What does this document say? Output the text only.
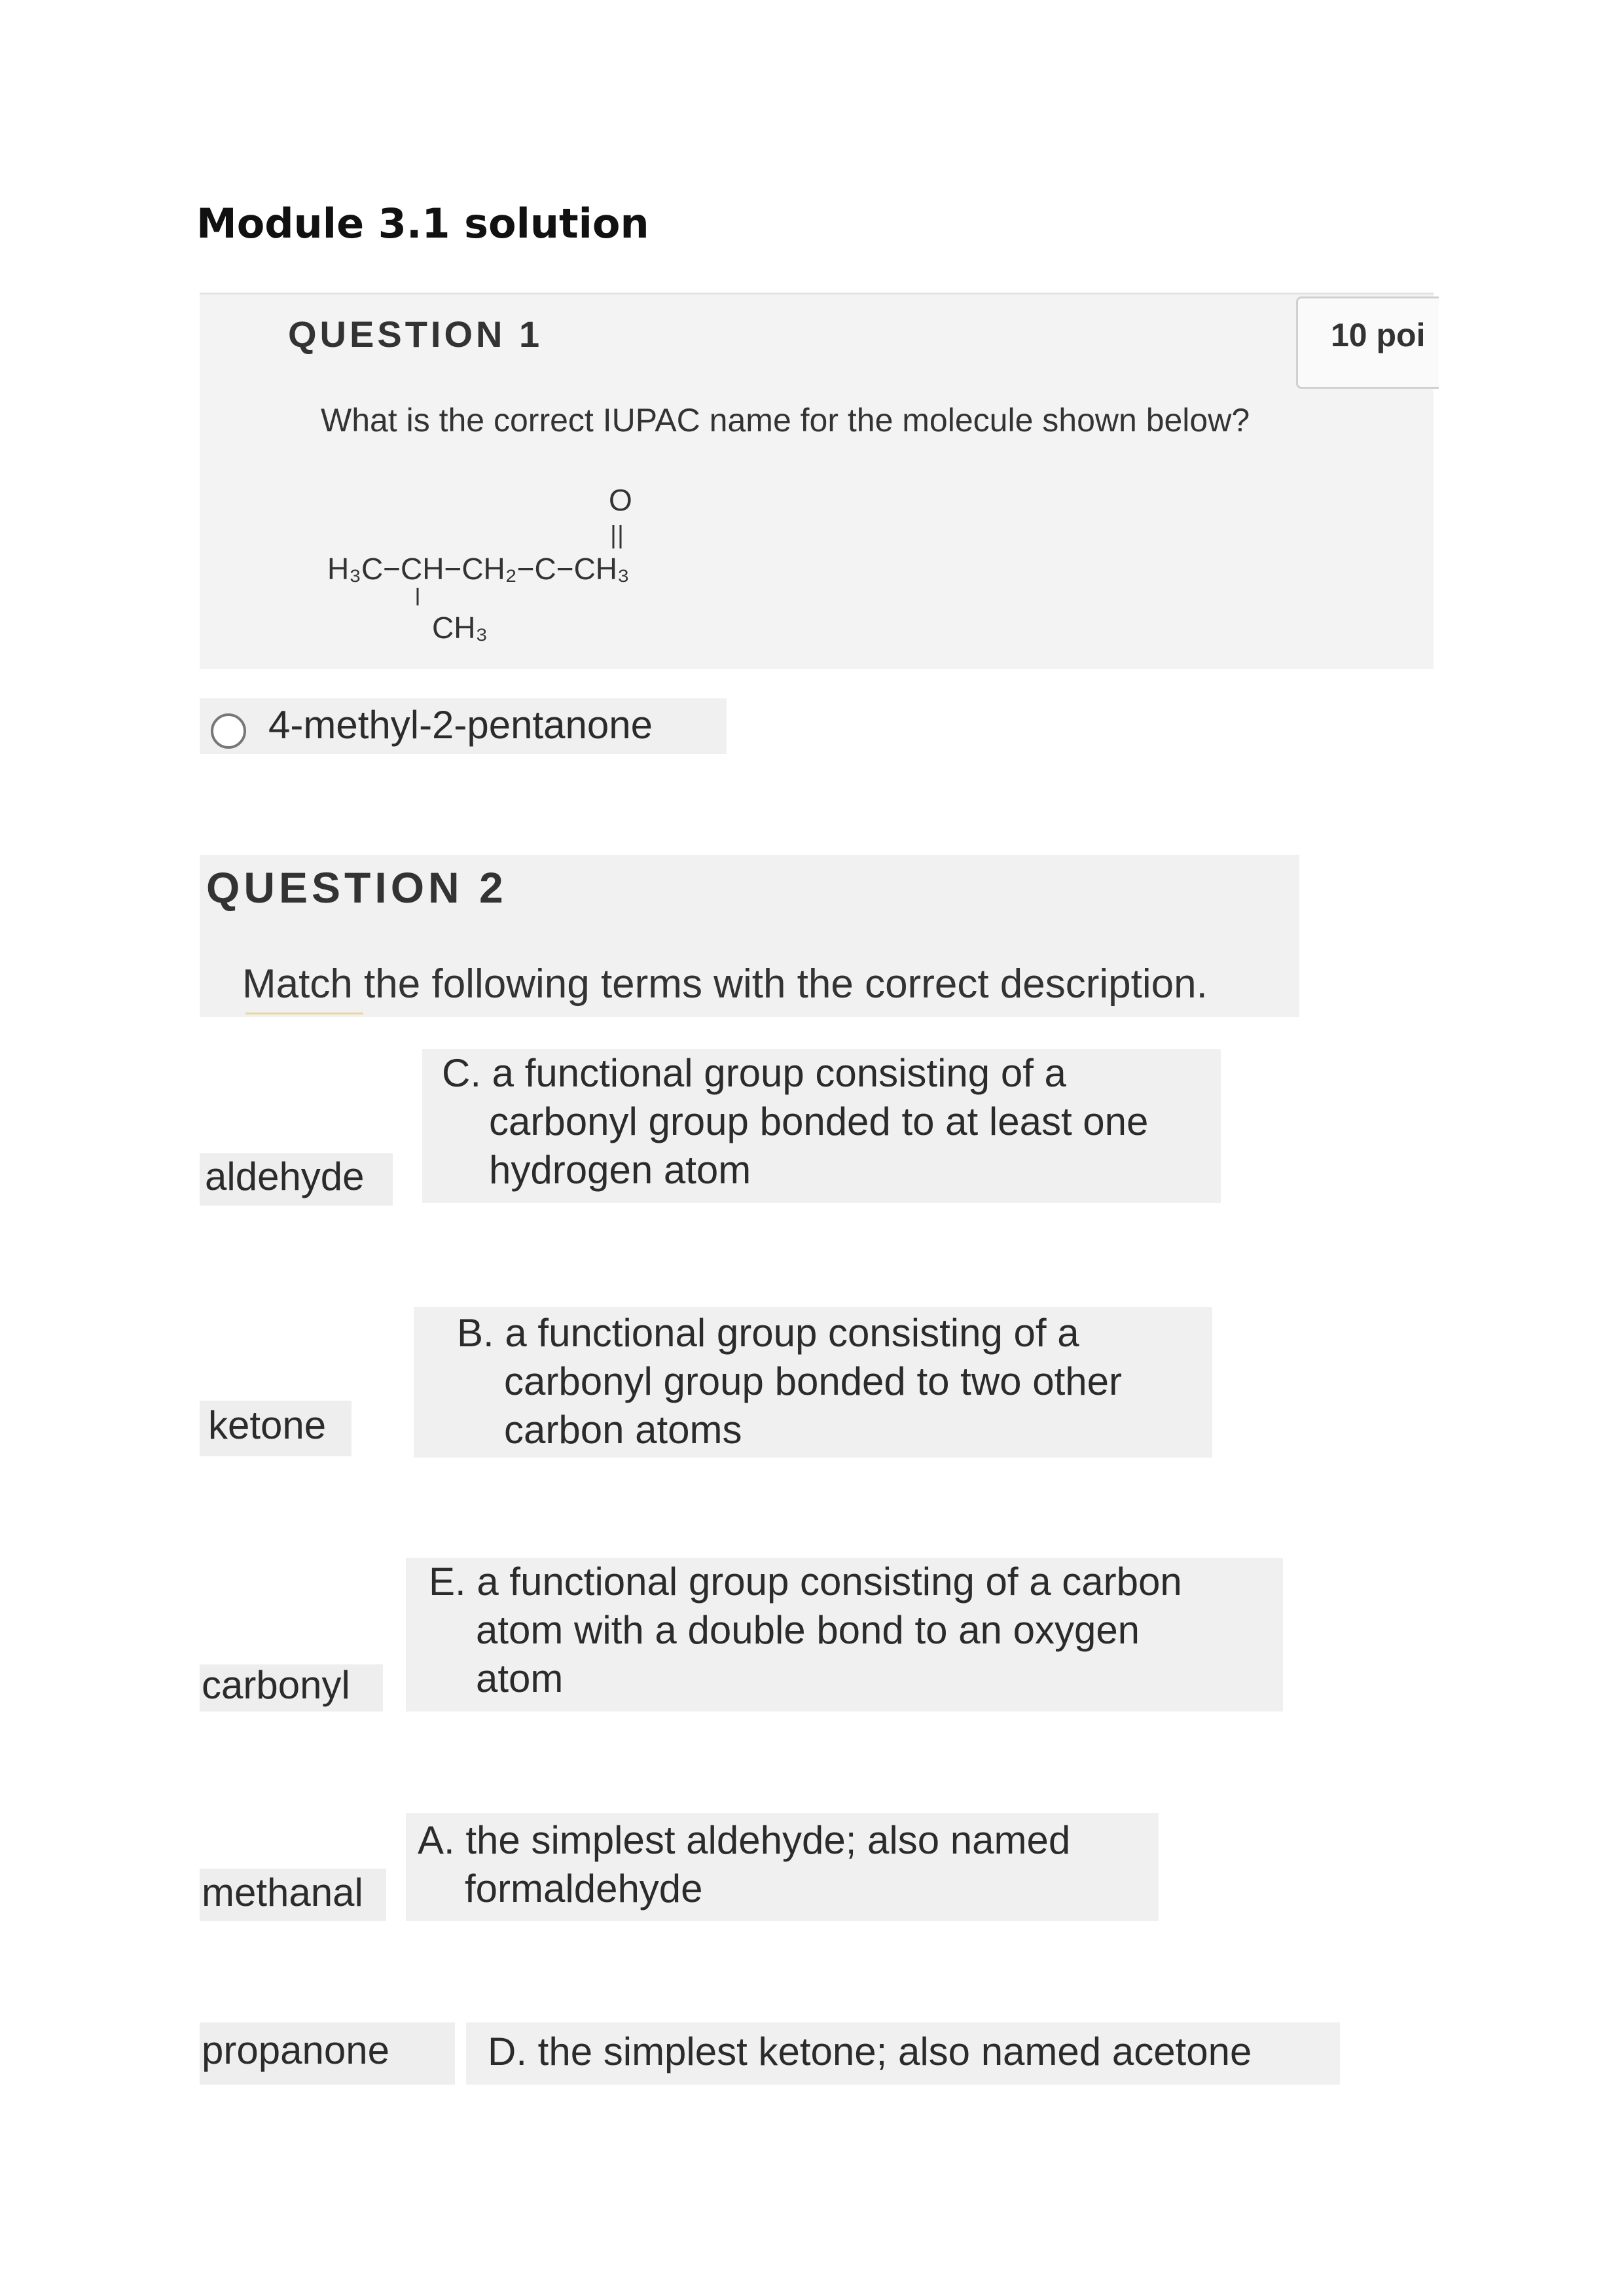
Module 3.1 solution
QUESTION 1	10 poi
What is the correct IUPAC name for the molecule shown below?
O
H₃C−CH−CH₂−C−CH₃
CH₃
4-methyl-2-pentanone
QUESTION 2
Match the following terms with the correct description.
aldehyde
C. a functional group consisting of a
carbonyl group bonded to at least one
hydrogen atom
ketone
B. a functional group consisting of a
carbonyl group bonded to two other
carbon atoms
carbonyl
E. a functional group consisting of a carbon
atom with a double bond to an oxygen
atom
methanal
A. the simplest aldehyde; also named
formaldehyde
propanone	D. the simplest ketone; also named acetone
